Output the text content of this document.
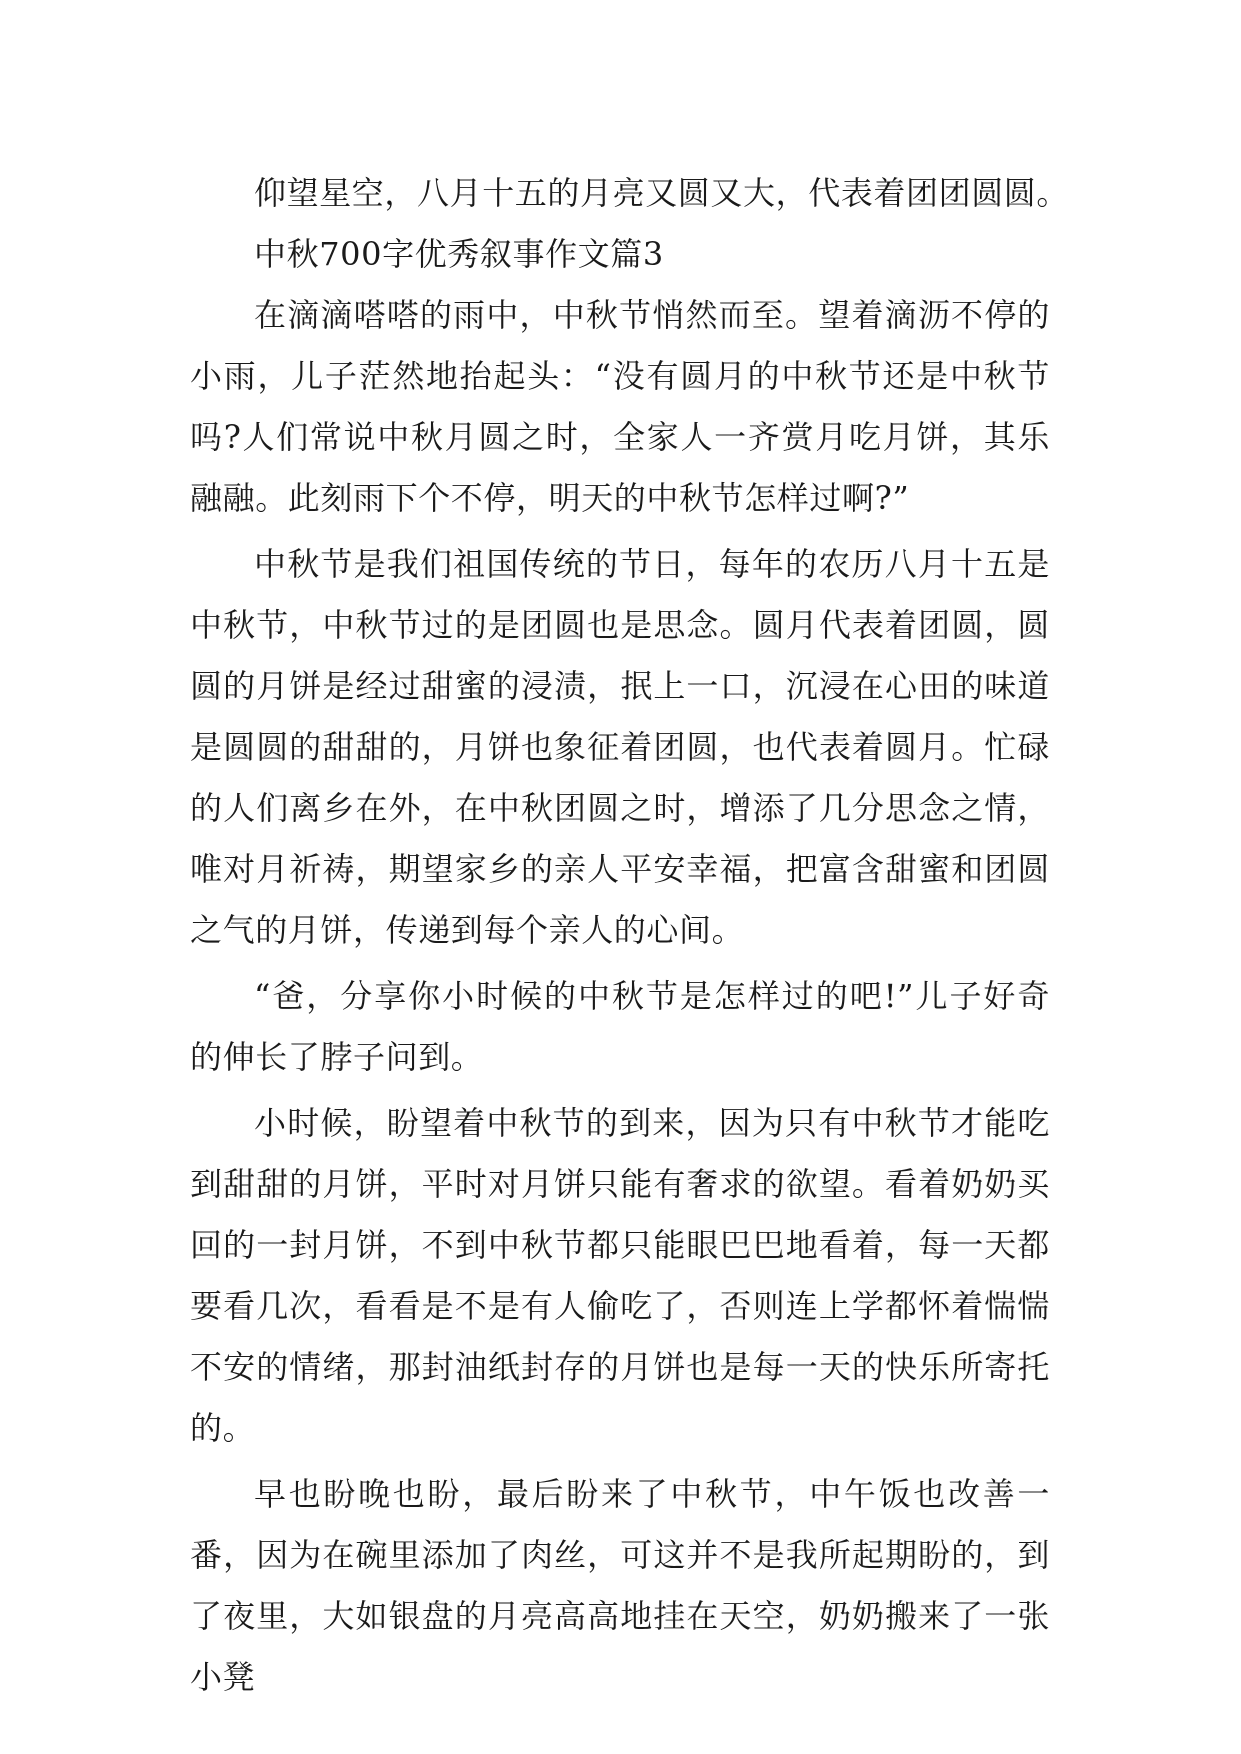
仰望星空，八月十五的月亮又圆又大，代表着团团圆圆。
中秋700字优秀叙事作文篇3

在滴滴嗒嗒的雨中，中秋节悄然而至。望着滴沥不停的小雨，儿子茫然地抬起头：“没有圆月的中秋节还是中秋节吗?人们常说中秋月圆之时，全家人一齐赏月吃月饼，其乐融融。此刻雨下个不停，明天的中秋节怎样过啊?”

中秋节是我们祖国传统的节日，每年的农历八月十五是中秋节，中秋节过的是团圆也是思念。圆月代表着团圆，圆圆的月饼是经过甜蜜的浸渍，抿上一口，沉浸在心田的味道是圆圆的甜甜的，月饼也象征着团圆，也代表着圆月。忙碌的人们离乡在外，在中秋团圆之时，增添了几分思念之情，唯对月祈祷，期望家乡的亲人平安幸福，把富含甜蜜和团圆之气的月饼，传递到每个亲人的心间。

“爸，分享你小时候的中秋节是怎样过的吧!”儿子好奇的伸长了脖子问到。

小时候，盼望着中秋节的到来，因为只有中秋节才能吃到甜甜的月饼，平时对月饼只能有奢求的欲望。看着奶奶买回的一封月饼，不到中秋节都只能眼巴巴地看着，每一天都要看几次，看看是不是有人偷吃了，否则连上学都怀着惴惴不安的情绪，那封油纸封存的月饼也是每一天的快乐所寄托的。

早也盼晚也盼，最后盼来了中秋节，中午饭也改善一番，因为在碗里添加了肉丝，可这并不是我所起期盼的，到了夜里，大如银盘的月亮高高地挂在天空，奶奶搬来了一张小凳
